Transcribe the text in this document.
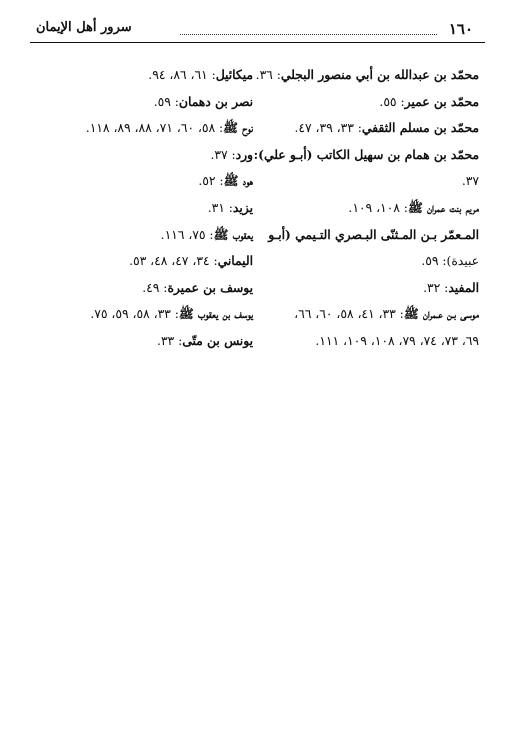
١٦٠
سرور أهل الإيمان
محمّد بن عبدالله بن أبي منصور البجلي: ٣٦.
محمّد بن عمير: ٥٥.
محمّد بن مسلم الثقفي: ٣٣، ٣٩، ٤٧.
محمّد بن همام بن سهيل الكاتب (أبـو علي):
٣٧.
مريم بنت عمران ﷺ: ١٠٨، ١٠٩.
المـعمّر بـن المـثنّى البـصري التـيمي (أبـو
عبيدة): ٥٩.
المفيد: ٣٢.
موسى بـن عـمران ﷺ: ٣٣، ٤١، ٥٨، ٦٠، ٦٦،
٦٩، ٧٣، ٧٤، ٧٩، ١٠٨، ١٠٩، ١١١.
ميكائيل: ٦١، ٨٦، ٩٤.
نصر بن دهمان: ٥٩.
نوح ﷺ: ٥٨، ٦٠، ٧١، ٨٨، ٨٩، ١١٨.
ورد: ٣٧.
هود ﷺ: ٥٢.
يزيد: ٣١.
يعقوب ﷺ: ٧٥، ١١٦.
اليماني: ٣٤، ٤٧، ٤٨، ٥٣.
يوسف بن عميرة: ٤٩.
يوسف بن يعقوب ﷺ: ٣٣، ٥٨، ٥٩، ٧٥.
يونس بن متّى: ٣٣.
